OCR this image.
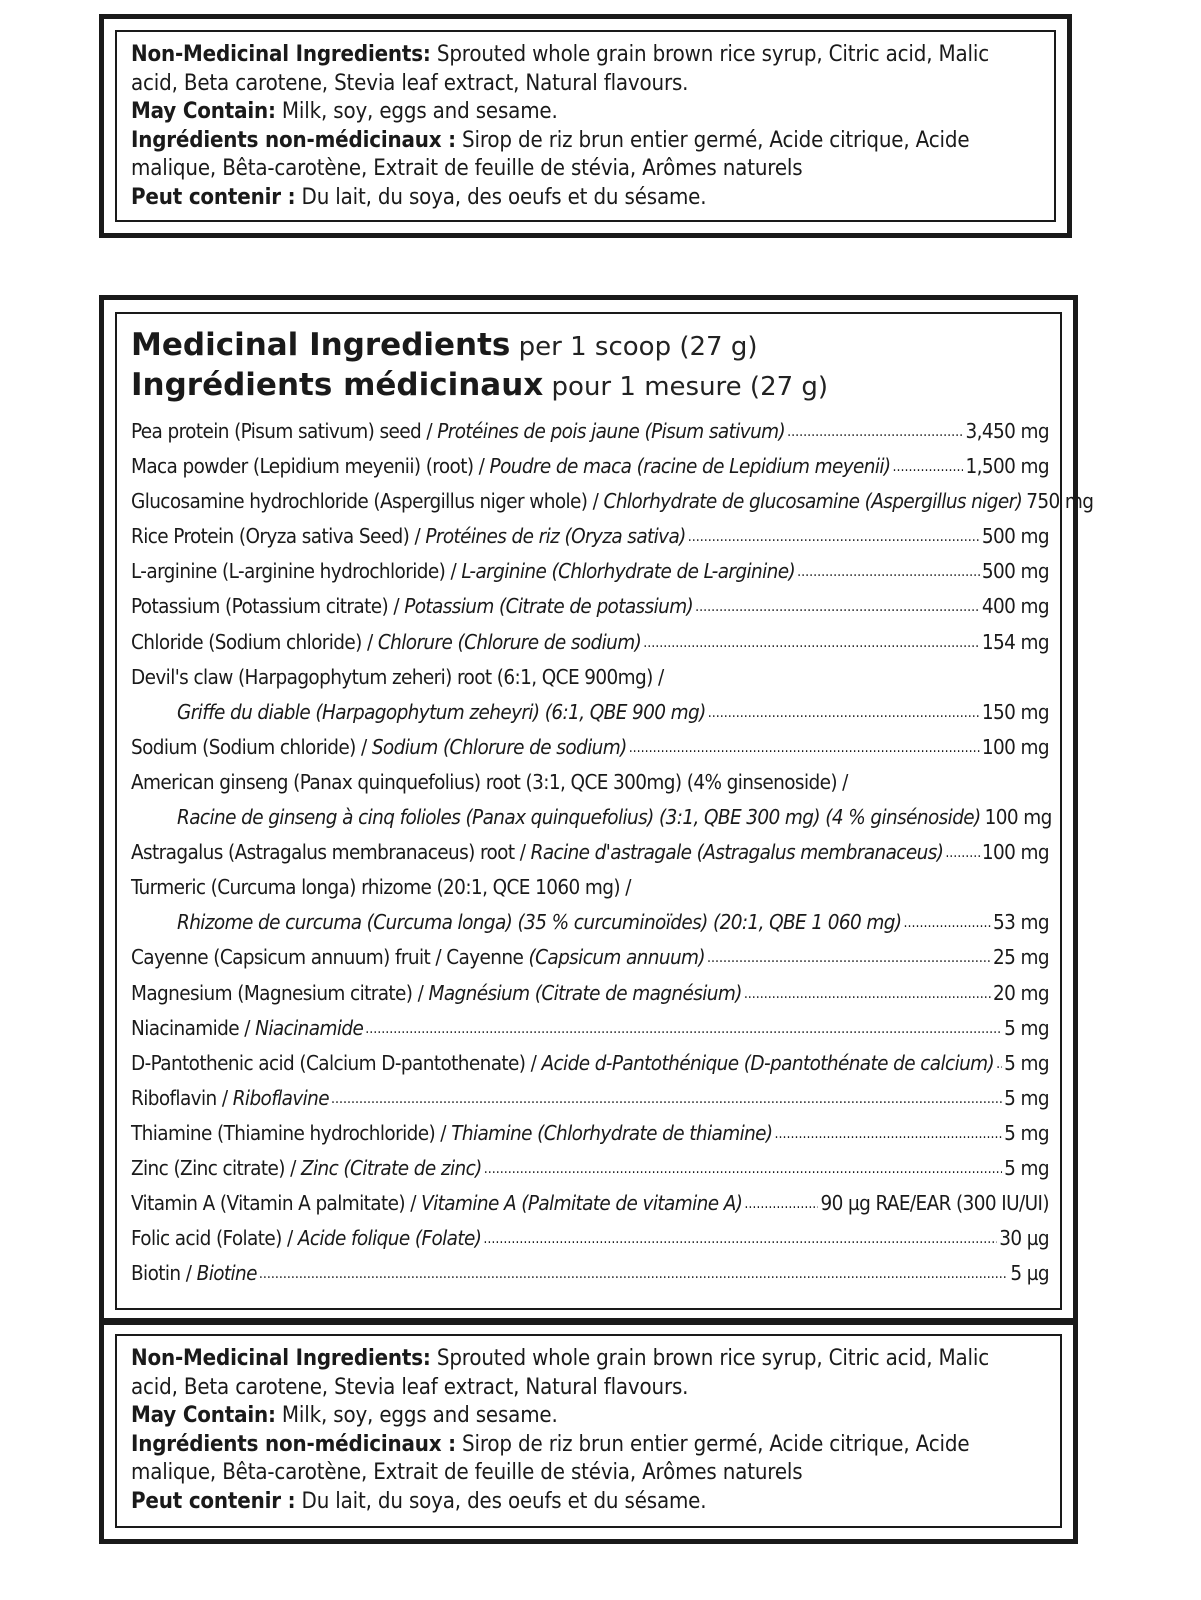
Non-Medicinal Ingredients: Sprouted whole grain brown rice syrup, Citric acid, Malic
acid, Beta carotene, Stevia leaf extract, Natural flavours.
May Contain: Milk, soy, eggs and sesame.
Ingrédients non-médicinaux : Sirop de riz brun entier germé, Acide citrique, Acide
malique, Bêta-carotène, Extrait de feuille de stévia, Arômes naturels
Peut contenir : Du lait, du soya, des oeufs et du sésame.
Medicinal Ingredients per 1 scoop (27 g)
Ingrédients médicinaux pour 1 mesure (27 g)
Pea protein (Pisum sativum) seed / Protéines de pois jaune (Pisum sativum) .....	3,450 mg
Maca powder (Lepidium meyenii) (root) / Poudre de maca (racine de Lepidium meyenii) .....	1,500 mg
Glucosamine hydrochloride (Aspergillus niger whole) / Chlorhydrate de glucosamine (Aspergillus niger) 750 mg
Rice Protein (Oryza sativa Seed) / Protéines de riz (Oryza sativa) .....	500 mg
L-arginine (L-arginine hydrochloride) / L-arginine (Chlorhydrate de L-arginine) .....	500 mg
Potassium (Potassium citrate) / Potassium (Citrate de potassium) .....	400 mg
Chloride (Sodium chloride) / Chlorure (Chlorure de sodium) .....	154 mg
Devil's claw (Harpagophytum zeheri) root (6:1, QCE 900mg) /
Griffe du diable (Harpagophytum zeheyri) (6:1, QBE 900 mg) .....	150 mg
Sodium (Sodium chloride) / Sodium (Chlorure de sodium) .....	100 mg
American ginseng (Panax quinquefolius) root (3:1, QCE 300mg) (4% ginsenoside) /
Racine de ginseng à cinq folioles (Panax quinquefolius) (3:1, QBE 300 mg) (4 % ginsénoside) 100 mg
Astragalus (Astragalus membranaceus) root / Racine d'astragale (Astragalus membranaceus) ..... 100 mg
Turmeric (Curcuma longa) rhizome (20:1, QCE 1060 mg) /
Rhizome de curcuma (Curcuma longa) (35 % curcuminoïdes) (20:1, QBE 1 060 mg) .....	53 mg
Cayenne (Capsicum annuum) fruit / Cayenne (Capsicum annuum) .....	25 mg
Magnesium (Magnesium citrate) / Magnésium (Citrate de magnésium) .....	20 mg
Niacinamide / Niacinamide .....	5 mg
D-Pantothenic acid (Calcium D-pantothenate) / Acide d-Pantothénique (D-pantothénate de calcium) ..... 5 mg
Riboflavin / Riboflavine .....	5 mg
Thiamine (Thiamine hydrochloride) / Thiamine (Chlorhydrate de thiamine) .....	5 mg
Zinc (Zinc citrate) / Zinc (Citrate de zinc) .....	5 mg
Vitamin A (Vitamin A palmitate) / Vitamine A (Palmitate de vitamine A) .....	90 µg RAE/EAR (300 IU/UI)
Folic acid (Folate) / Acide folique (Folate) .....	30 µg
Biotin / Biotine .....	5 µg
Non-Medicinal Ingredients: Sprouted whole grain brown rice syrup, Citric acid, Malic
acid, Beta carotene, Stevia leaf extract, Natural flavours.
May Contain: Milk, soy, eggs and sesame.
Ingrédients non-médicinaux : Sirop de riz brun entier germé, Acide citrique, Acide
malique, Bêta-carotène, Extrait de feuille de stévia, Arômes naturels
Peut contenir : Du lait, du soya, des oeufs et du sésame.
